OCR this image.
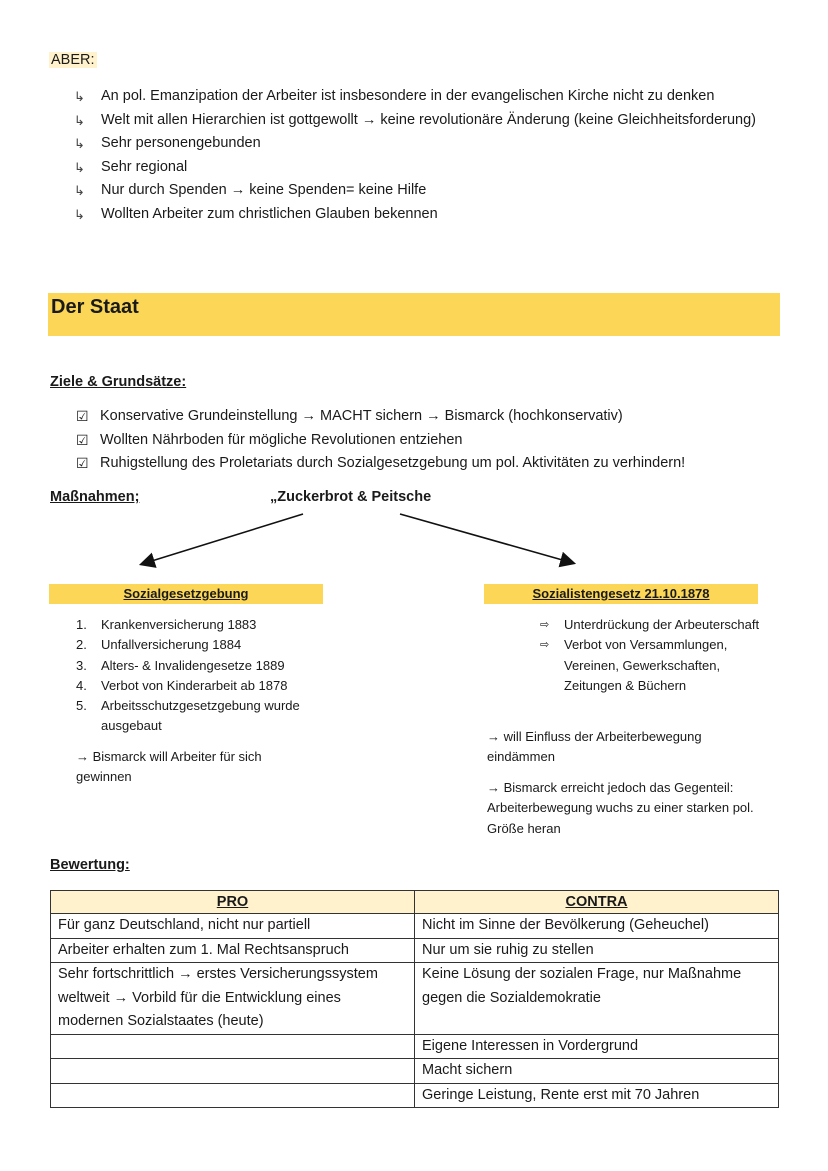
ABER:
↳ An pol. Emanzipation der Arbeiter ist insbesondere in der evangelischen Kirche nicht zu denken
↳ Welt mit allen Hierarchien ist gottgewollt → keine revolutionäre Änderung (keine Gleichheitsforderung)
↳ Sehr personengebunden
↳ Sehr regional
↳ Nur durch Spenden → keine Spenden= keine Hilfe
↳ Wollten Arbeiter zum christlichen Glauben bekennen
Der Staat
Ziele & Grundsätze:
☑ Konservative Grundeinstellung → MACHT sichern → Bismarck (hochkonservativ)
☑ Wollten Nährboden für mögliche Revolutionen entziehen
☑ Ruhigstellung des Proletariats durch Sozialgesetzgebung um pol. Aktivitäten zu verhindern!
Maßnahmen;	„Zuckerbrot & Peitsche
Sozialgesetzgebung	Sozialistengesetz 21.10.1878
1. Krankenversicherung 1883
2. Unfallversicherung 1884
3. Alters- & Invalidengesetze 1889
4. Verbot von Kinderarbeit ab 1878
5. Arbeitsschutzgesetzgebung wurde ausgebaut
→ Bismarck will Arbeiter für sich gewinnen
⇨ Unterdrückung der Arbeuterschaft
⇨ Verbot von Versammlungen, Vereinen, Gewerkschaften, Zeitungen & Büchern
→ will Einfluss der Arbeiterbewegung eindämmen
→ Bismarck erreicht jedoch das Gegenteil: Arbeiterbewegung wuchs zu einer starken pol. Größe heran
Bewertung:
PRO	CONTRA
Für ganz Deutschland, nicht nur partiell	Nicht im Sinne der Bevölkerung (Geheuchel)
Arbeiter erhalten zum 1. Mal Rechtsanspruch	Nur um sie ruhig zu stellen
Sehr fortschrittlich → erstes Versicherungssystem weltweit → Vorbild für die Entwicklung eines modernen Sozialstaates (heute)	Keine Lösung der sozialen Frage, nur Maßnahme gegen die Sozialdemokratie
	Eigene Interessen in Vordergrund
	Macht sichern
	Geringe Leistung, Rente erst mit 70 Jahren
